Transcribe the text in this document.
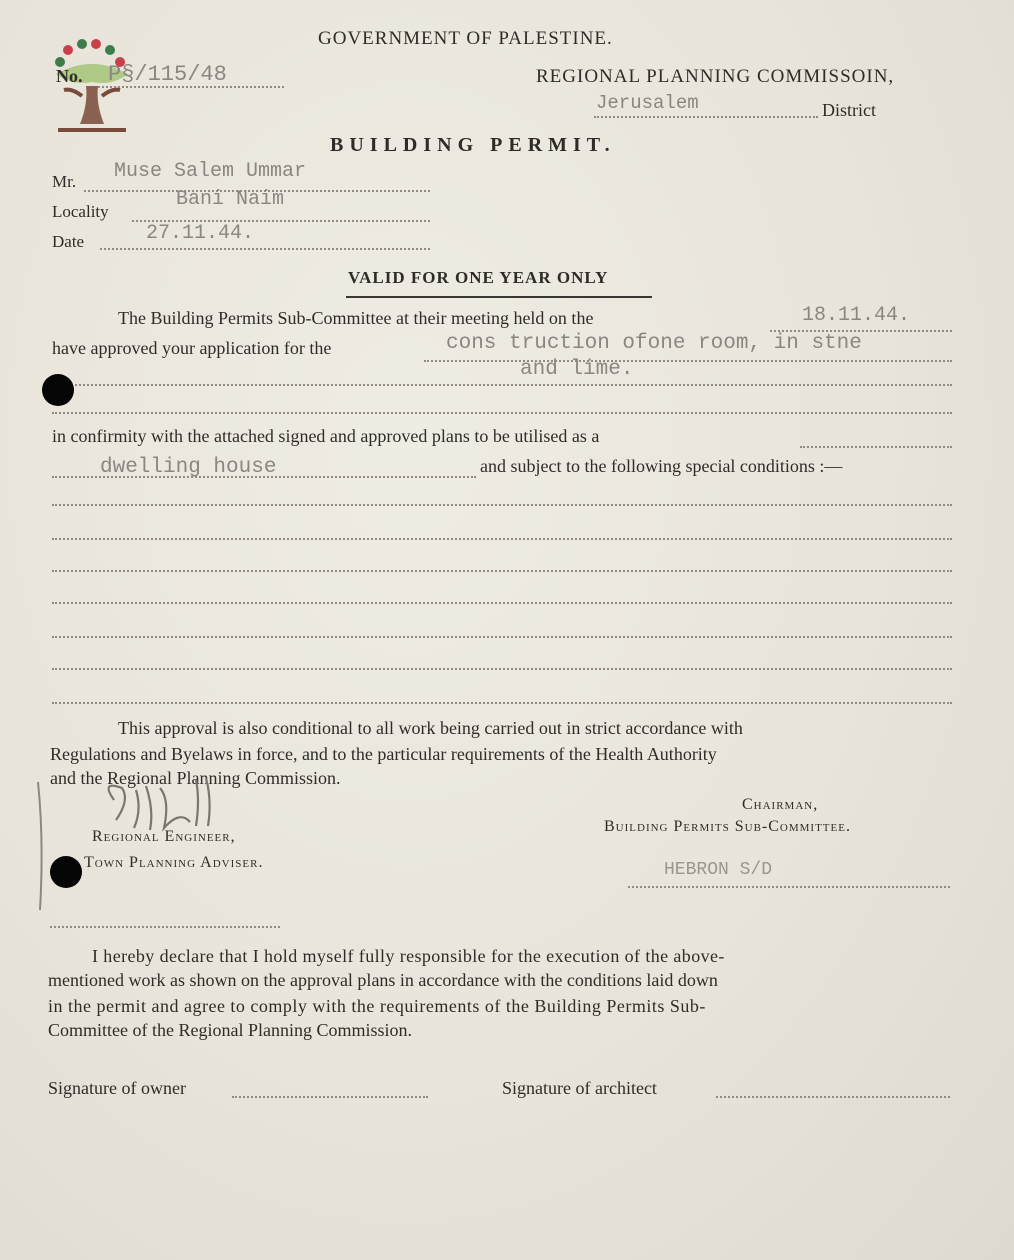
GOVERNMENT OF PALESTINE.
No. P§/115/48	REGIONAL PLANNING COMMISSOIN,
Jerusalem	District
BUILDING PERMIT.
Mr. Muse Salem Ummar
Locality
Bani Naim
Date	27.11.44.
VALID FOR ONE YEAR ONLY
The Building Permits Sub-Committee at their meeting held on the	18.11.44.
have approved your application for the	cons truction ofone room, in stne
and lime.
in confirmity with the attached signed and approved plans to be utilised as a
dwelling house	and subject to the following special conditions :—
This approval is also conditional to all work being carried out in strict accordance with
Regulations and Byelaws in force, and to the particular requirements of the Health Authority
and the Regional Planning Commission.
Regional Engineer,
Town Planning Adviser.
Chairman,
Building Permits Sub-Committee.
HEBRON S/D
I hereby declare that I hold myself fully responsible for the execution of the above-
mentioned work as shown on the approval plans in accordance with the conditions laid down
in the permit and agree to comply with the requirements of the Building Permits Sub-
Committee of the Regional Planning Commission.
Signature of owner	Signature of architect
